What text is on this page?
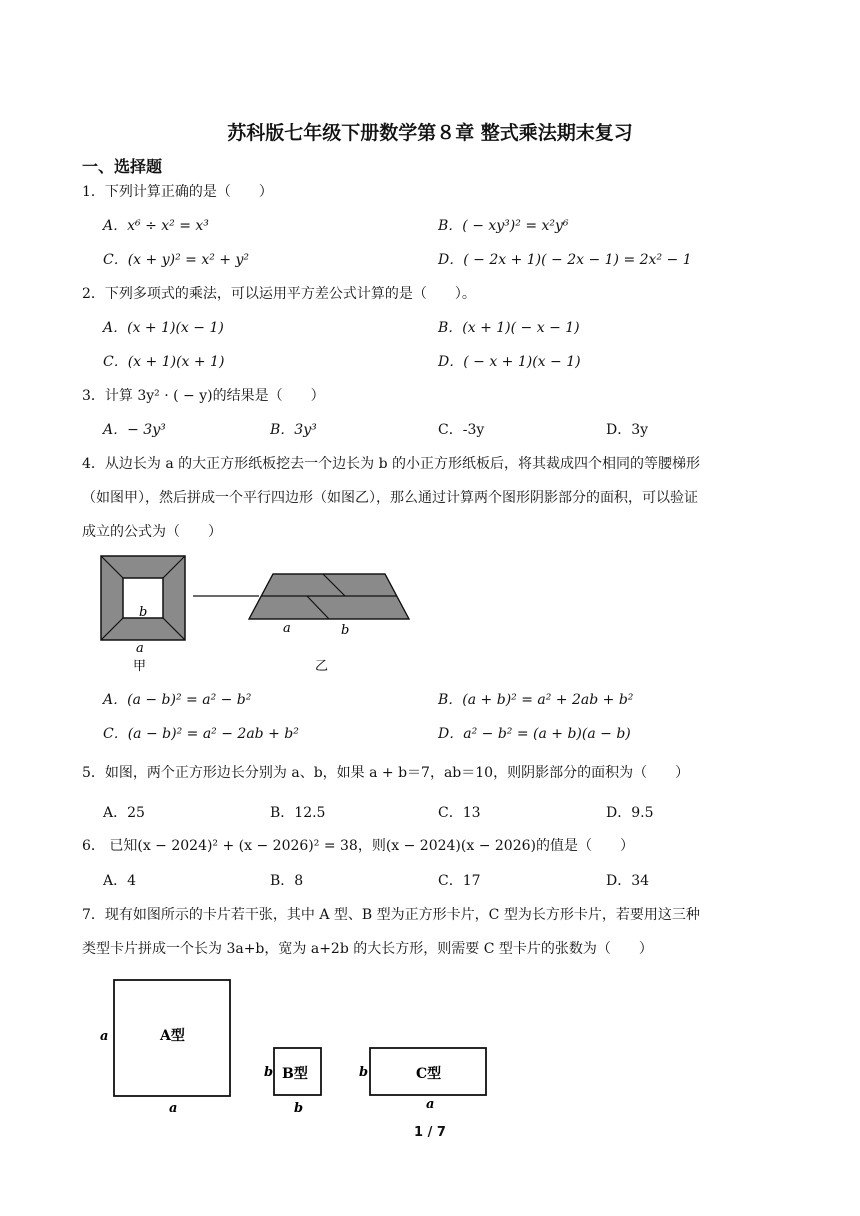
苏科版七年级下册数学第８章 整式乘法期末复习
一、选择题
1．下列计算正确的是（　　）
A．x⁶ ÷ x² = x³	B．( − xy³)² = x²y⁶
C．(x + y)² = x² + y²	D．( − 2x + 1)( − 2x − 1) = 2x² − 1
2．下列多项式的乘法，可以运用平方差公式计算的是（　　）。
A．(x + 1)(x − 1)	B．(x + 1)( − x − 1)
C．(x + 1)(x + 1)	D．( − x + 1)(x − 1)
3．计算 3y² · ( − y)的结果是（　　）
A．− 3y³	B．3y³	C．-3y	D．3y
4．从边长为 a 的大正方形纸板挖去一个边长为 b 的小正方形纸板后，将其裁成四个相同的等腰梯形
（如图甲），然后拼成一个平行四边形（如图乙），那么通过计算两个图形阴影部分的面积，可以验证
成立的公式为（　　）
b
a
甲
a	b
乙
A．(a − b)² = a² − b²	B．(a + b)² = a² + 2ab + b²
C．(a − b)² = a² − 2ab + b²	D．a² − b² = (a + b)(a − b)
5．如图，两个正方形边长分别为 a、b，如果 a + b＝7，ab＝10，则阴影部分的面积为（　　）
A．25	B．12.5	C．13	D．9.5
6． 已知(x − 2024)² + (x − 2026)² = 38，则(x − 2024)(x − 2026)的值是（　　）
A．4	B．8	C．17	D．34
7．现有如图所示的卡片若干张，其中 A 型、B 型为正方形卡片，C 型为长方形卡片，若要用这三种
类型卡片拼成一个长为 3a+b，宽为 a+2b 的大长方形，则需要 C 型卡片的张数为（　　）
A型
a
a
B型
b
b
C型
b
a
1 / 7
